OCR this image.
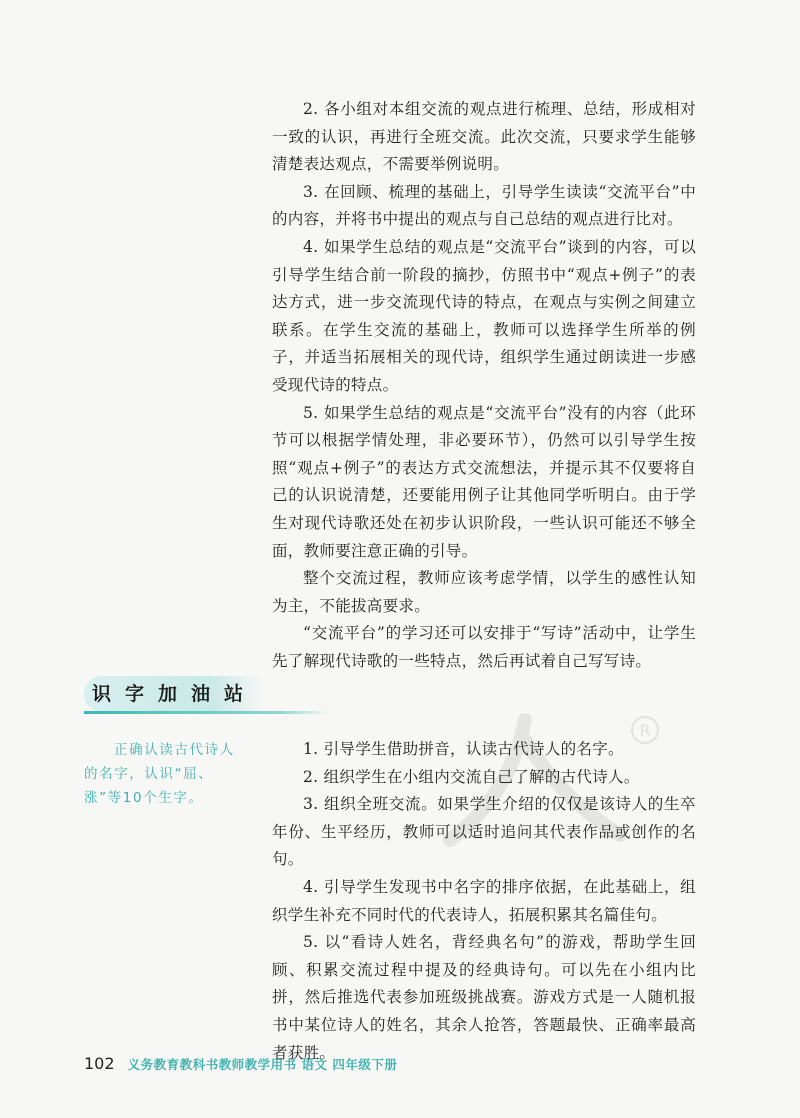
2. 各小组对本组交流的观点进行梳理、总结，形成相对一致的认识，再进行全班交流。此次交流，只要求学生能够清楚表达观点，不需要举例说明。

3. 在回顾、梳理的基础上，引导学生读读“交流平台”中的内容，并将书中提出的观点与自己总结的观点进行比对。

4. 如果学生总结的观点是“交流平台”谈到的内容，可以引导学生结合前一阶段的摘抄，仿照书中“观点+例子”的表达方式，进一步交流现代诗的特点，在观点与实例之间建立联系。在学生交流的基础上，教师可以选择学生所举的例子，并适当拓展相关的现代诗，组织学生通过朗读进一步感受现代诗的特点。

5. 如果学生总结的观点是“交流平台”没有的内容（此环节可以根据学情处理，非必要环节），仍然可以引导学生按照“观点+例子”的表达方式交流想法，并提示其不仅要将自己的认识说清楚，还要能用例子让其他同学听明白。由于学生对现代诗歌还处在初步认识阶段，一些认识可能还不够全面，教师要注意正确的引导。

整个交流过程，教师应该考虑学情，以学生的感性认知为主，不能拔高要求。

“交流平台”的学习还可以安排于“写诗”活动中，让学生先了解现代诗歌的一些特点，然后再试着自己写写诗。

识字加油站

正确认读古代诗人的名字，认识“屈、涨”等10个生字。

R

1. 引导学生借助拼音，认读古代诗人的名字。

2. 组织学生在小组内交流自己了解的古代诗人。

3. 组织全班交流。如果学生介绍的仅仅是该诗人的生卒年份、生平经历，教师可以适时追问其代表作品或创作的名句。

4. 引导学生发现书中名字的排序依据，在此基础上，组织学生补充不同时代的代表诗人，拓展积累其名篇佳句。

5. 以“看诗人姓名，背经典名句”的游戏，帮助学生回顾、积累交流过程中提及的经典诗句。可以先在小组内比拼，然后推选代表参加班级挑战赛。游戏方式是一人随机报书中某位诗人的姓名，其余人抢答，答题最快、正确率最高者获胜。

102 义务教育教科书教师教学用书 语文 四年级下册
